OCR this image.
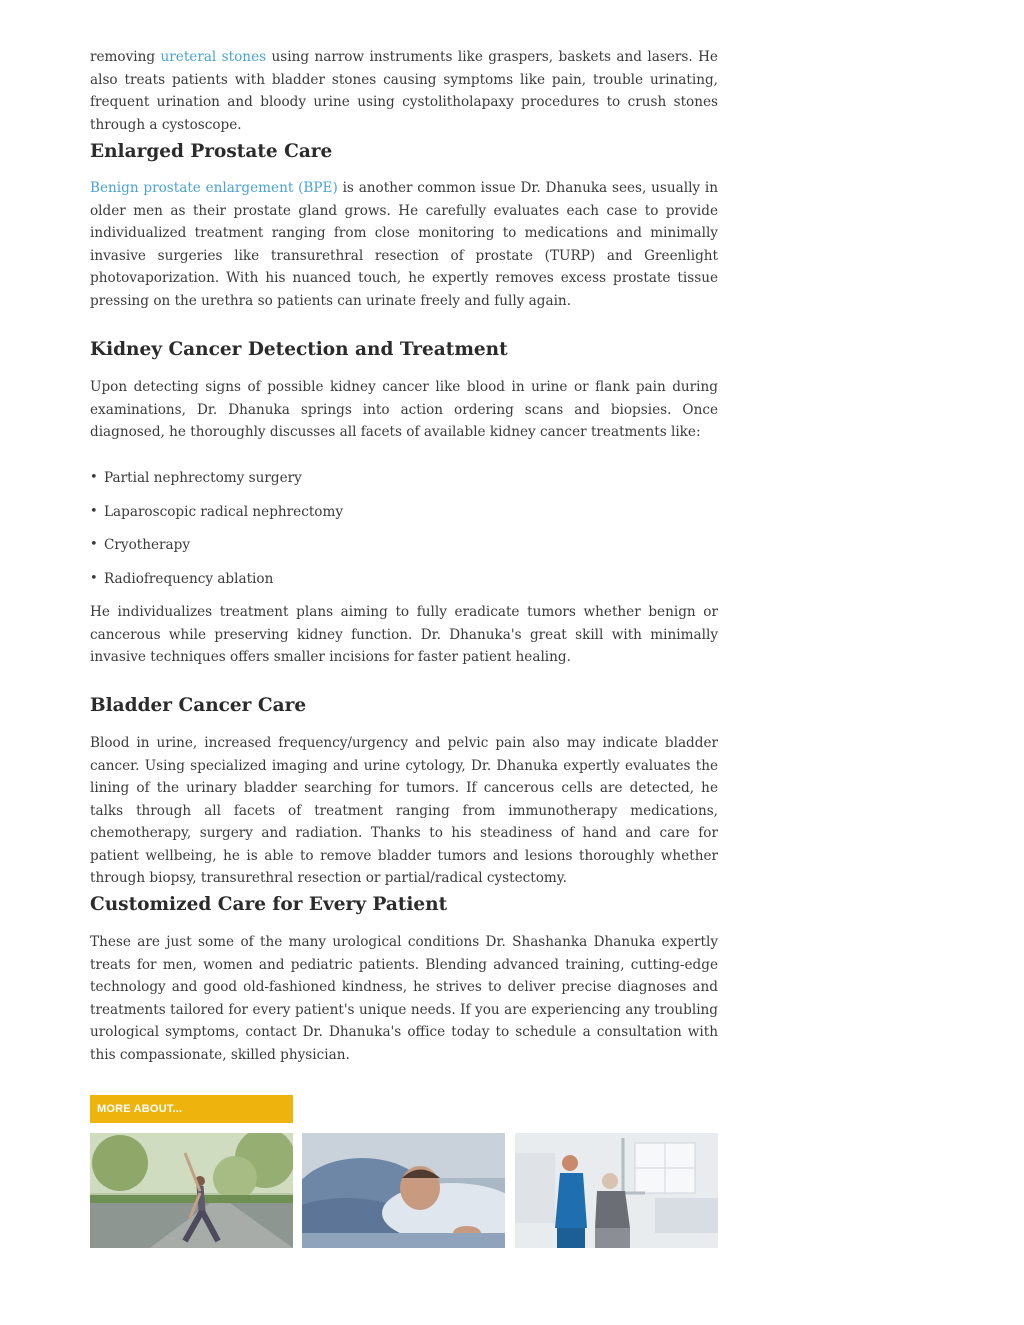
removing ureteral stones using narrow instruments like graspers, baskets and lasers. He also treats patients with bladder stones causing symptoms like pain, trouble urinating, frequent urination and bloody urine using cystolitholapaxy procedures to crush stones through a cystoscope.

Enlarged Prostate Care

Benign prostate enlargement (BPE) is another common issue Dr. Dhanuka sees, usually in older men as their prostate gland grows. He carefully evaluates each case to provide individualized treatment ranging from close monitoring to medications and minimally invasive surgeries like transurethral resection of prostate (TURP) and Greenlight photovaporization. With his nuanced touch, he expertly removes excess prostate tissue pressing on the urethra so patients can urinate freely and fully again.

Kidney Cancer Detection and Treatment

Upon detecting signs of possible kidney cancer like blood in urine or flank pain during examinations, Dr. Dhanuka springs into action ordering scans and biopsies. Once diagnosed, he thoroughly discusses all facets of available kidney cancer treatments like:

• Partial nephrectomy surgery
• Laparoscopic radical nephrectomy
• Cryotherapy
• Radiofrequency ablation

He individualizes treatment plans aiming to fully eradicate tumors whether benign or cancerous while preserving kidney function. Dr. Dhanuka's great skill with minimally invasive techniques offers smaller incisions for faster patient healing.

Bladder Cancer Care

Blood in urine, increased frequency/urgency and pelvic pain also may indicate bladder cancer. Using specialized imaging and urine cytology, Dr. Dhanuka expertly evaluates the lining of the urinary bladder searching for tumors. If cancerous cells are detected, he talks through all facets of treatment ranging from immunotherapy medications, chemotherapy, surgery and radiation. Thanks to his steadiness of hand and care for patient wellbeing, he is able to remove bladder tumors and lesions thoroughly whether through biopsy, transurethral resection or partial/radical cystectomy.

Customized Care for Every Patient

These are just some of the many urological conditions Dr. Shashanka Dhanuka expertly treats for men, women and pediatric patients. Blending advanced training, cutting-edge technology and good old-fashioned kindness, he strives to deliver precise diagnoses and treatments tailored for every patient's unique needs. If you are experiencing any troubling urological symptoms, contact Dr. Dhanuka's office today to schedule a consultation with this compassionate, skilled physician.

MORE ABOUT...
